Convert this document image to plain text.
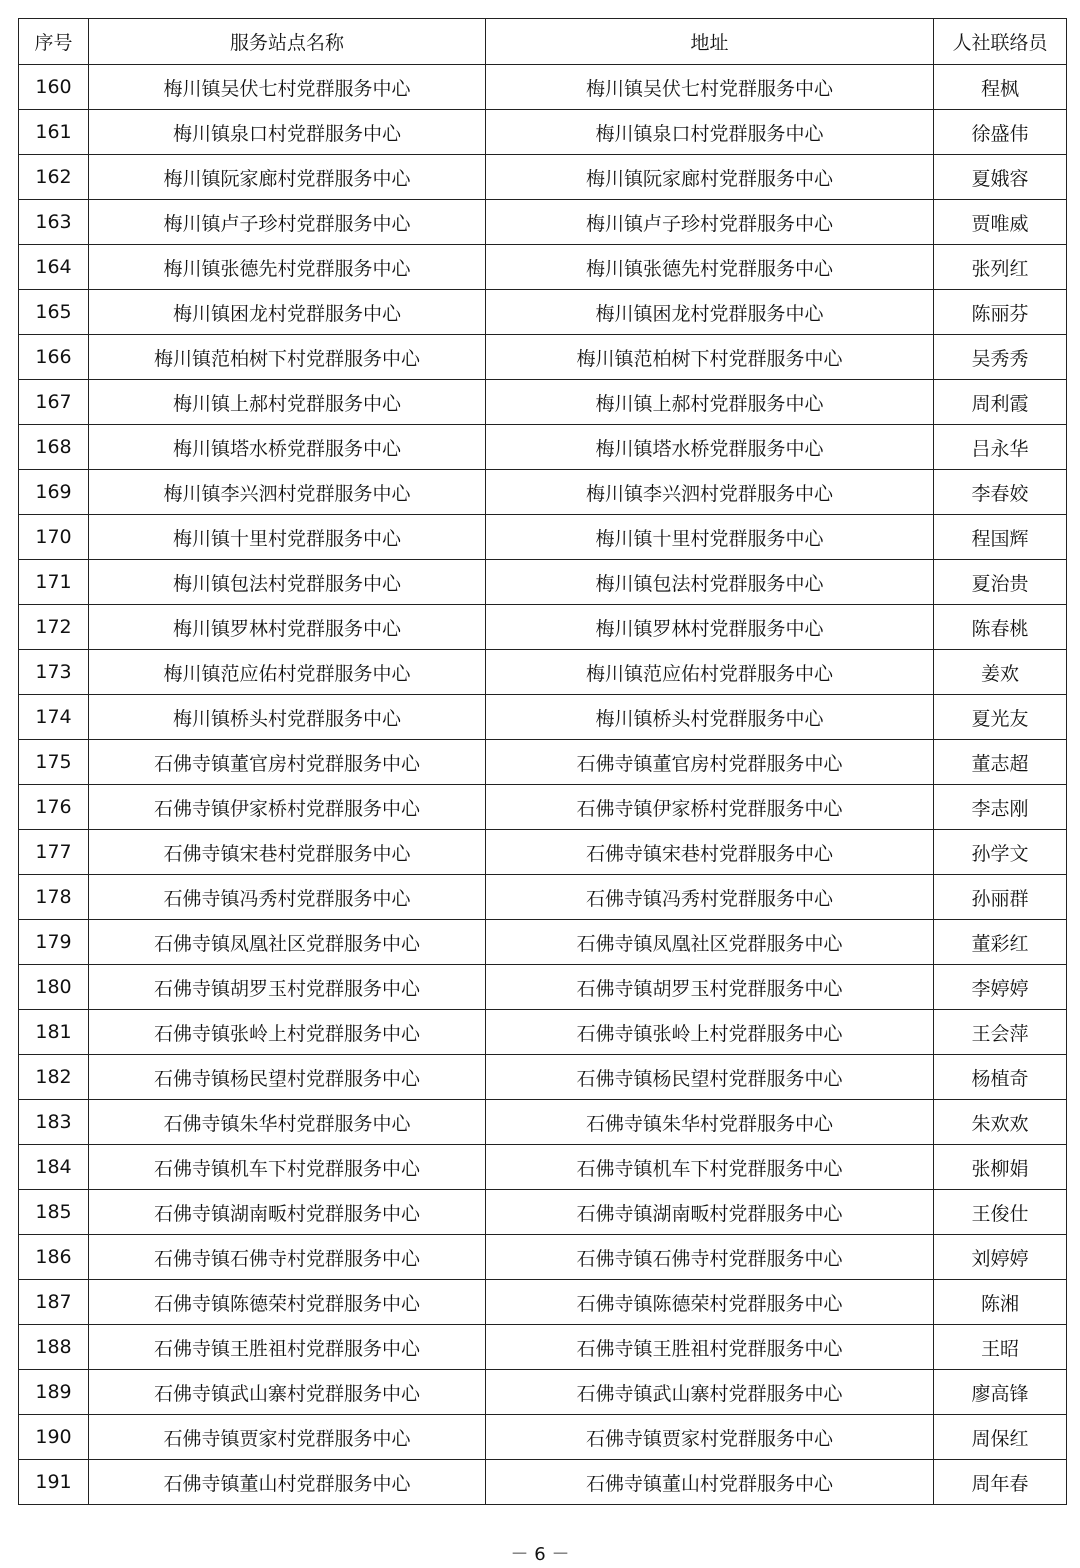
序号	服务站点名称	地址	人社联络员
160	梅川镇吴伏七村党群服务中心	梅川镇吴伏七村党群服务中心	程枫
161	梅川镇泉口村党群服务中心	梅川镇泉口村党群服务中心	徐盛伟
162	梅川镇阮家廊村党群服务中心	梅川镇阮家廊村党群服务中心	夏娥容
163	梅川镇卢子珍村党群服务中心	梅川镇卢子珍村党群服务中心	贾唯威
164	梅川镇张德先村党群服务中心	梅川镇张德先村党群服务中心	张列红
165	梅川镇困龙村党群服务中心	梅川镇困龙村党群服务中心	陈丽芬
166	梅川镇范柏树下村党群服务中心	梅川镇范柏树下村党群服务中心	吴秀秀
167	梅川镇上郝村党群服务中心	梅川镇上郝村党群服务中心	周利霞
168	梅川镇塔水桥党群服务中心	梅川镇塔水桥党群服务中心	吕永华
169	梅川镇李兴泗村党群服务中心	梅川镇李兴泗村党群服务中心	李春姣
170	梅川镇十里村党群服务中心	梅川镇十里村党群服务中心	程国辉
171	梅川镇包法村党群服务中心	梅川镇包法村党群服务中心	夏治贵
172	梅川镇罗林村党群服务中心	梅川镇罗林村党群服务中心	陈春桃
173	梅川镇范应佑村党群服务中心	梅川镇范应佑村党群服务中心	姜欢
174	梅川镇桥头村党群服务中心	梅川镇桥头村党群服务中心	夏光友
175	石佛寺镇董官房村党群服务中心	石佛寺镇董官房村党群服务中心	董志超
176	石佛寺镇伊家桥村党群服务中心	石佛寺镇伊家桥村党群服务中心	李志刚
177	石佛寺镇宋巷村党群服务中心	石佛寺镇宋巷村党群服务中心	孙学文
178	石佛寺镇冯秀村党群服务中心	石佛寺镇冯秀村党群服务中心	孙丽群
179	石佛寺镇凤凰社区党群服务中心	石佛寺镇凤凰社区党群服务中心	董彩红
180	石佛寺镇胡罗玉村党群服务中心	石佛寺镇胡罗玉村党群服务中心	李婷婷
181	石佛寺镇张岭上村党群服务中心	石佛寺镇张岭上村党群服务中心	王会萍
182	石佛寺镇杨民望村党群服务中心	石佛寺镇杨民望村党群服务中心	杨植奇
183	石佛寺镇朱华村党群服务中心	石佛寺镇朱华村党群服务中心	朱欢欢
184	石佛寺镇机车下村党群服务中心	石佛寺镇机车下村党群服务中心	张柳娟
185	石佛寺镇湖南畈村党群服务中心	石佛寺镇湖南畈村党群服务中心	王俊仕
186	石佛寺镇石佛寺村党群服务中心	石佛寺镇石佛寺村党群服务中心	刘婷婷
187	石佛寺镇陈德荣村党群服务中心	石佛寺镇陈德荣村党群服务中心	陈湘
188	石佛寺镇王胜祖村党群服务中心	石佛寺镇王胜祖村党群服务中心	王昭
189	石佛寺镇武山寨村党群服务中心	石佛寺镇武山寨村党群服务中心	廖高锋
190	石佛寺镇贾家村党群服务中心	石佛寺镇贾家村党群服务中心	周保红
191	石佛寺镇董山村党群服务中心	石佛寺镇董山村党群服务中心	周年春
－ 6 －
